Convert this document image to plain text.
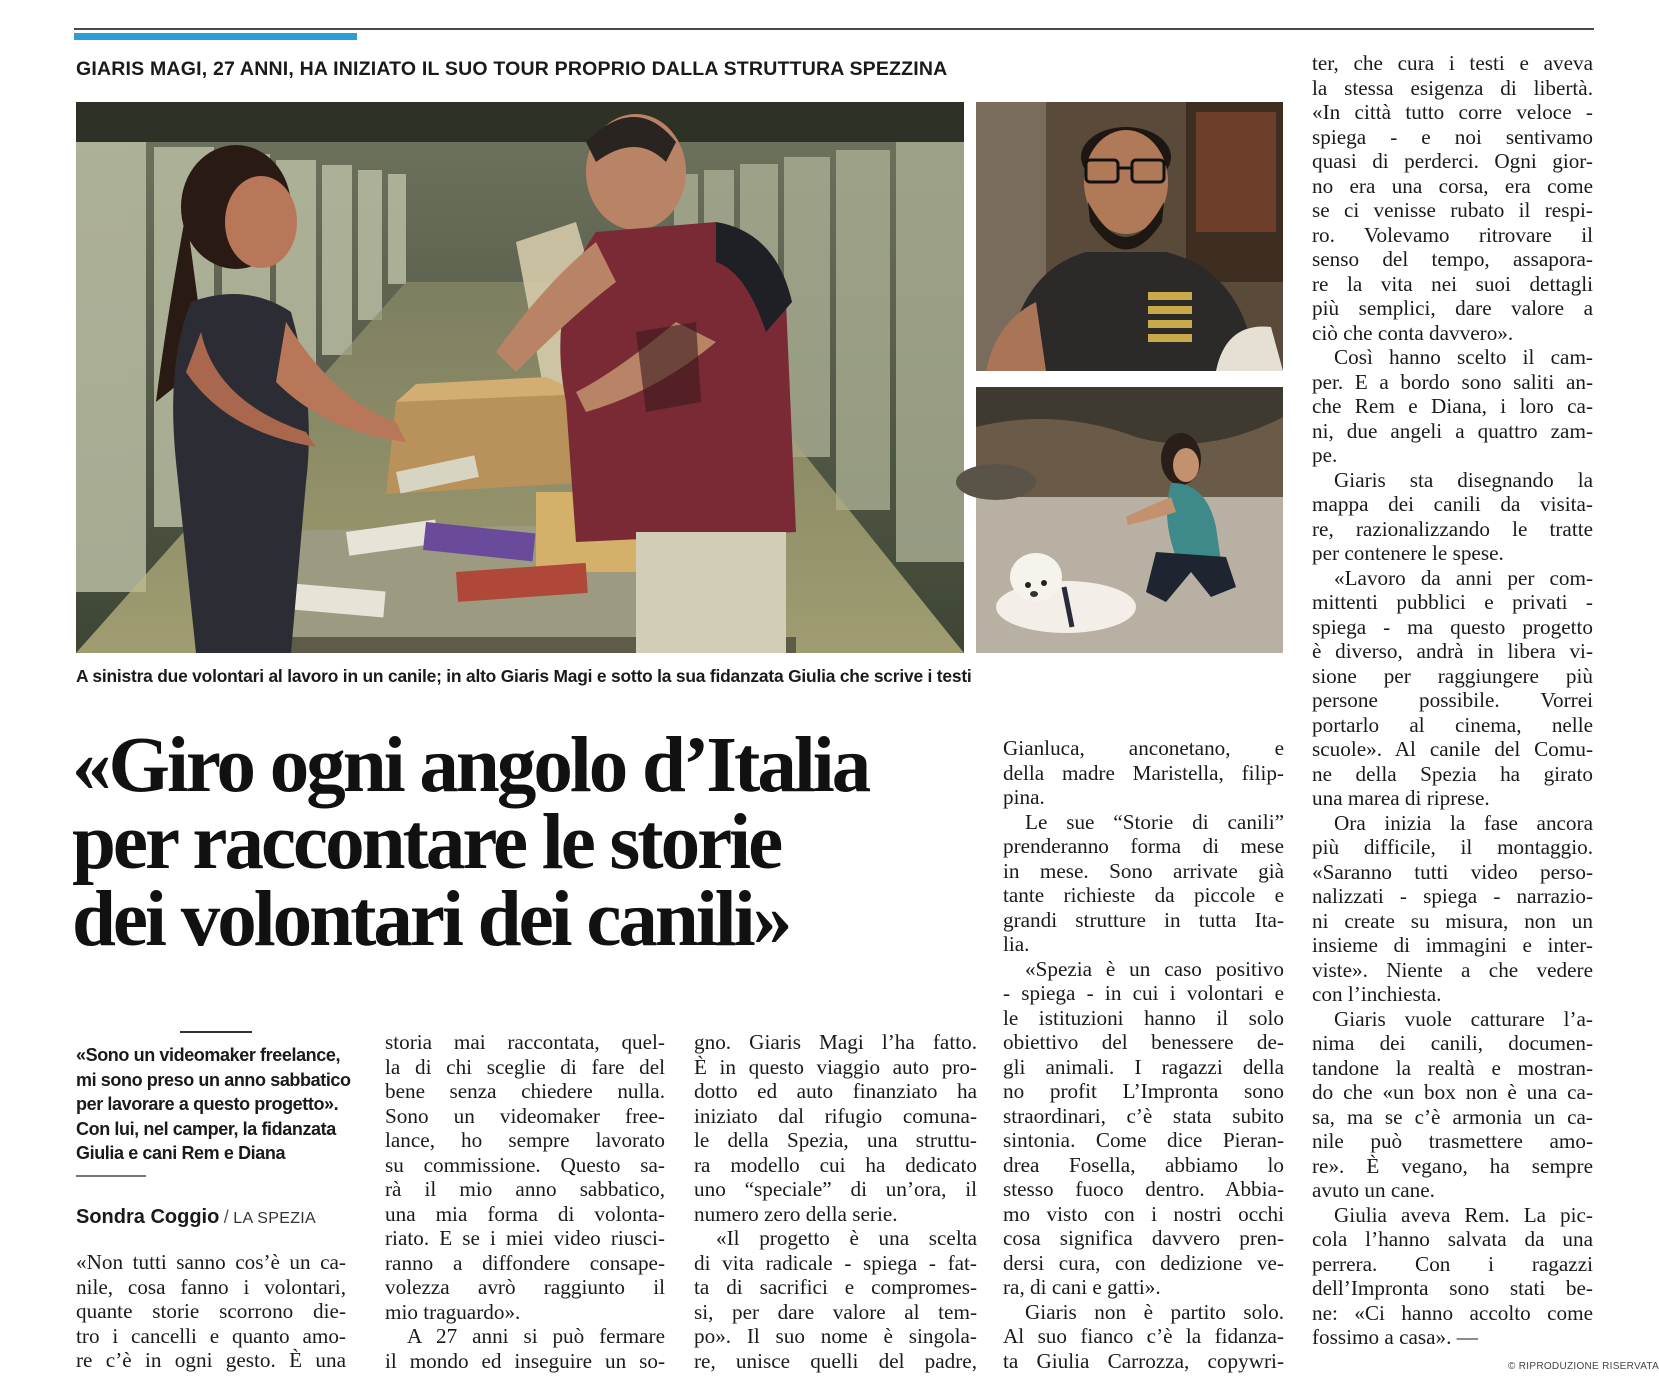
GIARIS MAGI, 27 ANNI, HA INIZIATO IL SUO TOUR PROPRIO DALLA STRUTTURA SPEZZINA
A sinistra due volontari al lavoro in un canile; in alto Giaris Magi e sotto la sua fidanzata Giulia che scrive i testi
«Giro ogni angolo d’Italia
per raccontare le storie
dei volontari dei canili»
«Sono un videomaker freelance,
mi sono preso un anno sabbatico
per lavorare a questo progetto».
Con lui, nel camper, la fidanzata
Giulia e cani Rem e Diana
Sondra Coggio / LA SPEZIA
«Non tutti sanno cos’è un ca-
nile, cosa fanno i volontari,
quante storie scorrono die-
tro i cancelli e quanto amo-
re c’è in ogni gesto. È una
storia mai raccontata, quel-
la di chi sceglie di fare del
bene senza chiedere nulla.
Sono un videomaker free-
lance, ho sempre lavorato
su commissione. Questo sa-
rà il mio anno sabbatico,
una mia forma di volonta-
riato. E se i miei video riusci-
ranno a diffondere consape-
volezza avrò raggiunto il
mio traguardo».
A 27 anni si può fermare
il mondo ed inseguire un so-
gno. Giaris Magi l’ha fatto.
È in questo viaggio auto pro-
dotto ed auto finanziato ha
iniziato dal rifugio comuna-
le della Spezia, una struttu-
ra modello cui ha dedicato
uno “speciale” di un’ora, il
numero zero della serie.
«Il progetto è una scelta
di vita radicale - spiega - fat-
ta di sacrifici e compromes-
si, per dare valore al tem-
po». Il suo nome è singola-
re, unisce quelli del padre,
Gianluca, anconetano, e
della madre Maristella, filip-
pina.
Le sue “Storie di canili”
prenderanno forma di mese
in mese. Sono arrivate già
tante richieste da piccole e
grandi strutture in tutta Ita-
lia.
«Spezia è un caso positivo
- spiega - in cui i volontari e
le istituzioni hanno il solo
obiettivo del benessere de-
gli animali. I ragazzi della
no profit L’Impronta sono
straordinari, c’è stata subito
sintonia. Come dice Pieran-
drea Fosella, abbiamo lo
stesso fuoco dentro. Abbia-
mo visto con i nostri occhi
cosa significa davvero pren-
dersi cura, con dedizione ve-
ra, di cani e gatti».
Giaris non è partito solo.
Al suo fianco c’è la fidanza-
ta Giulia Carrozza, copywri-
ter, che cura i testi e aveva
la stessa esigenza di libertà.
«In città tutto corre veloce -
spiega - e noi sentivamo
quasi di perderci. Ogni gior-
no era una corsa, era come
se ci venisse rubato il respi-
ro. Volevamo ritrovare il
senso del tempo, assapora-
re la vita nei suoi dettagli
più semplici, dare valore a
ciò che conta davvero».
Così hanno scelto il cam-
per. E a bordo sono saliti an-
che Rem e Diana, i loro ca-
ni, due angeli a quattro zam-
pe.
Giaris sta disegnando la
mappa dei canili da visita-
re, razionalizzando le tratte
per contenere le spese.
«Lavoro da anni per com-
mittenti pubblici e privati -
spiega - ma questo progetto
è diverso, andrà in libera vi-
sione per raggiungere più
persone possibile. Vorrei
portarlo al cinema, nelle
scuole». Al canile del Comu-
ne della Spezia ha girato
una marea di riprese.
Ora inizia la fase ancora
più difficile, il montaggio.
«Saranno tutti video perso-
nalizzati - spiega - narrazio-
ni create su misura, non un
insieme di immagini e inter-
viste». Niente a che vedere
con l’inchiesta.
Giaris vuole catturare l’a-
nima dei canili, documen-
tandone la realtà e mostran-
do che «un box non è una ca-
sa, ma se c’è armonia un ca-
nile può trasmettere amo-
re». È vegano, ha sempre
avuto un cane.
Giulia aveva Rem. La pic-
cola l’hanno salvata da una
perrera. Con i ragazzi
dell’Impronta sono stati be-
ne: «Ci hanno accolto come
fossimo a casa». —
© RIPRODUZIONE RISERVATA
